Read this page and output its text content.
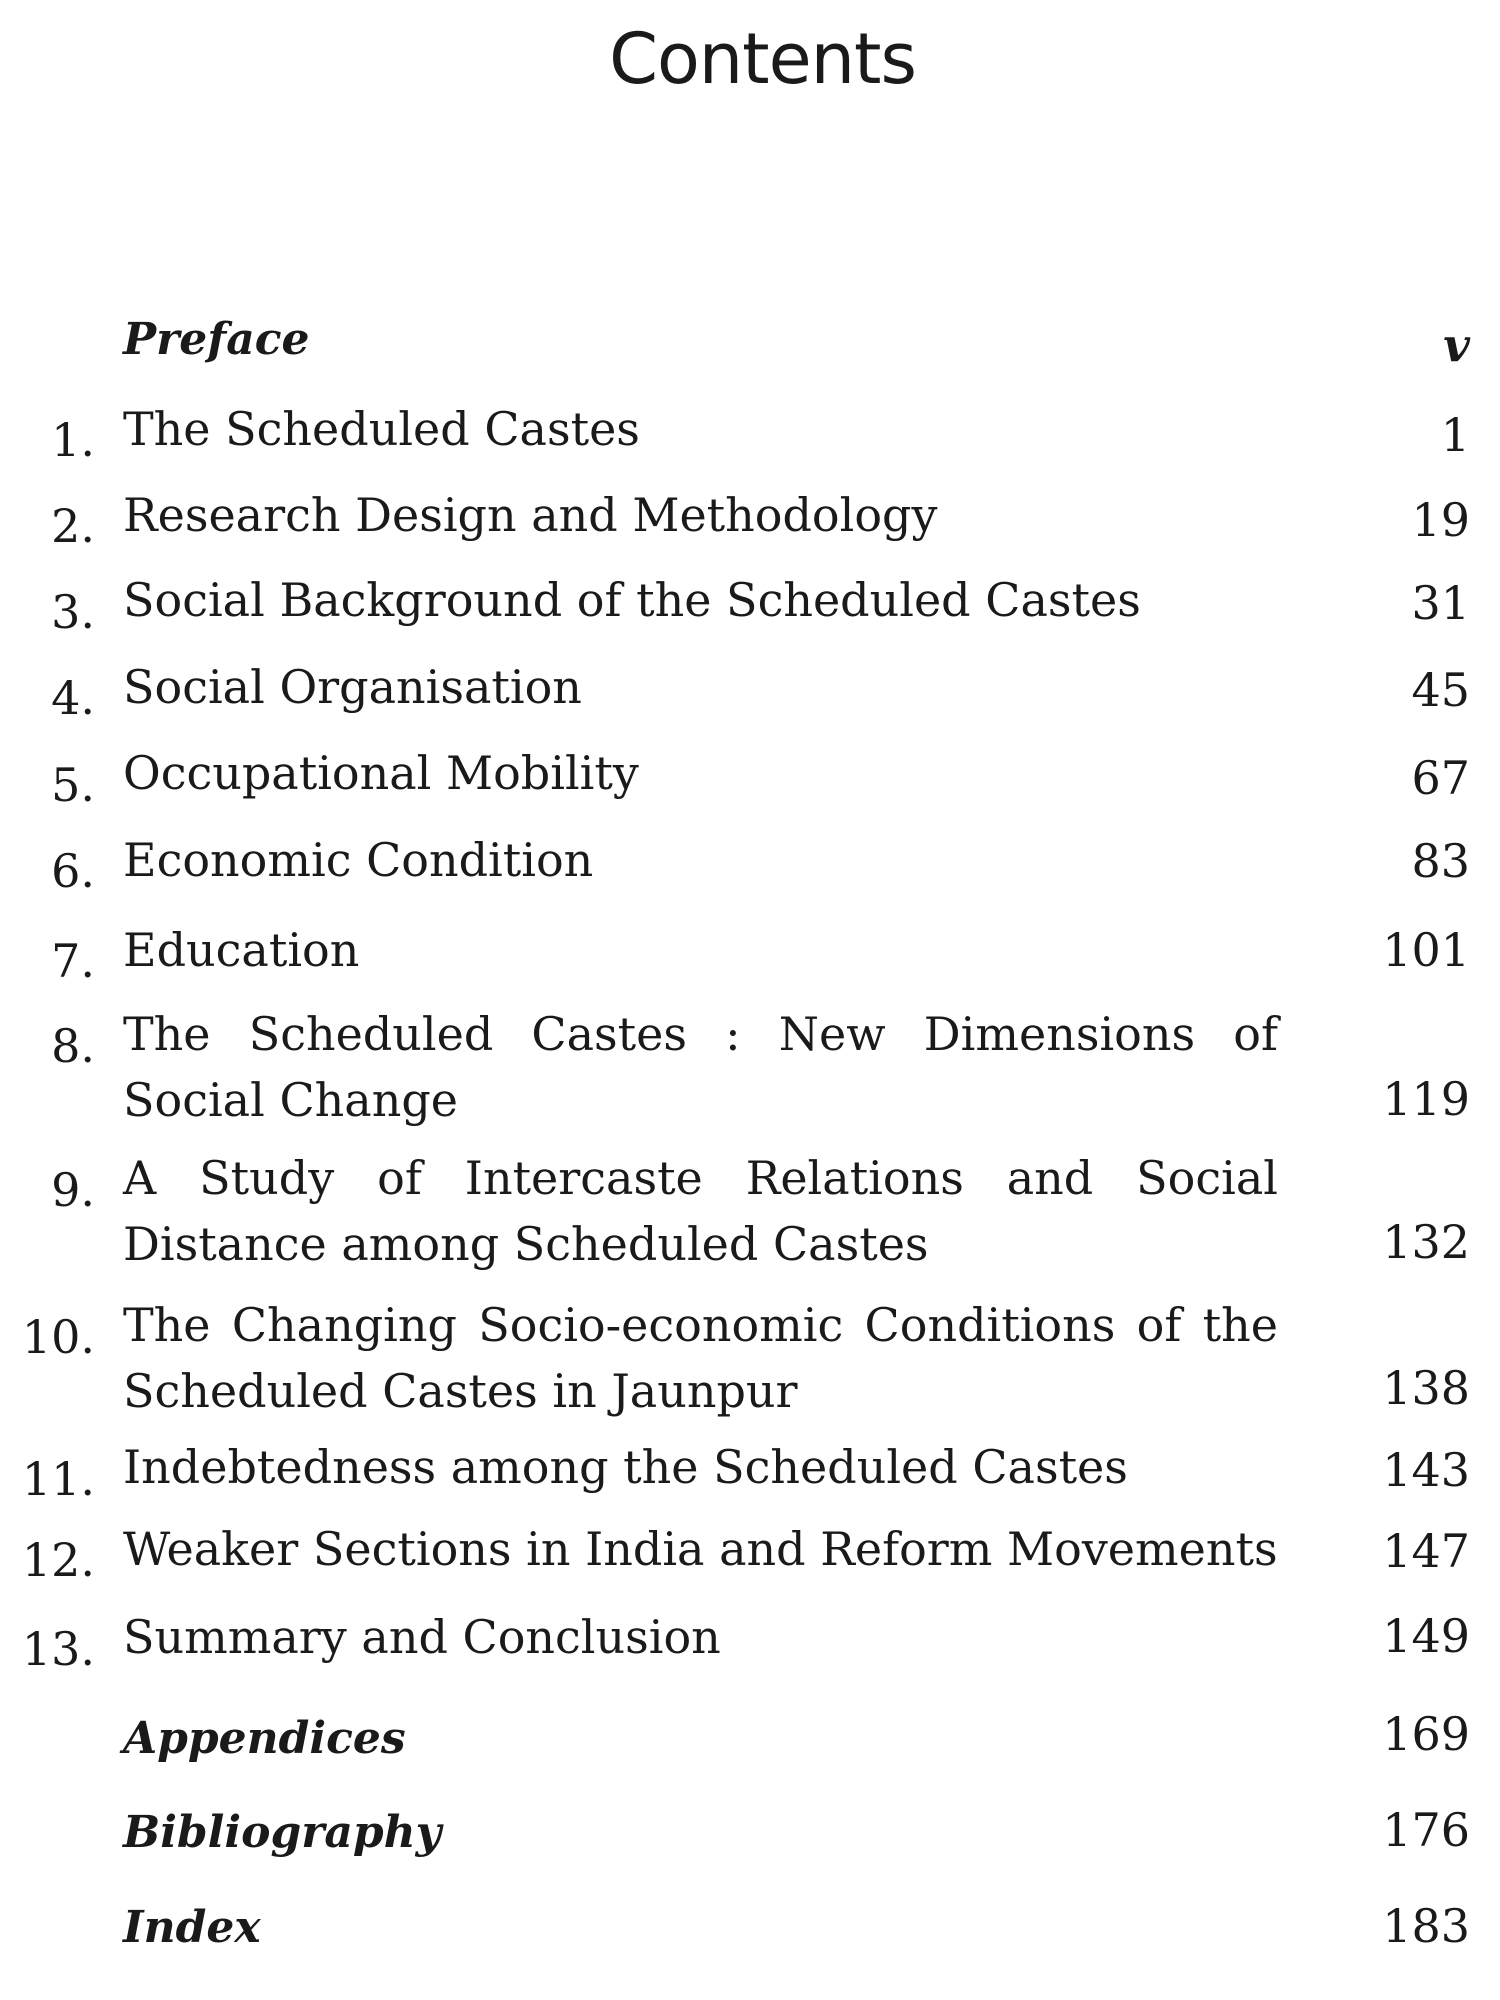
Contents
Preface	v
1. The Scheduled Castes	1
2. Research Design and Methodology	19
3. Social Background of the Scheduled Castes	31
4. Social Organisation	45
5. Occupational Mobility	67
6. Economic Condition	83
7. Education	101
8. The Scheduled Castes : New Dimensions of Social Change	119
9. A Study of Intercaste Relations and Social Distance among Scheduled Castes	132
10. The Changing Socio-economic Conditions of the Scheduled Castes in Jaunpur	138
11. Indebtedness among the Scheduled Castes	143
12. Weaker Sections in India and Reform Movements 147
13. Summary and Conclusion	149
Appendices	169
Bibliography	176
Index	183
